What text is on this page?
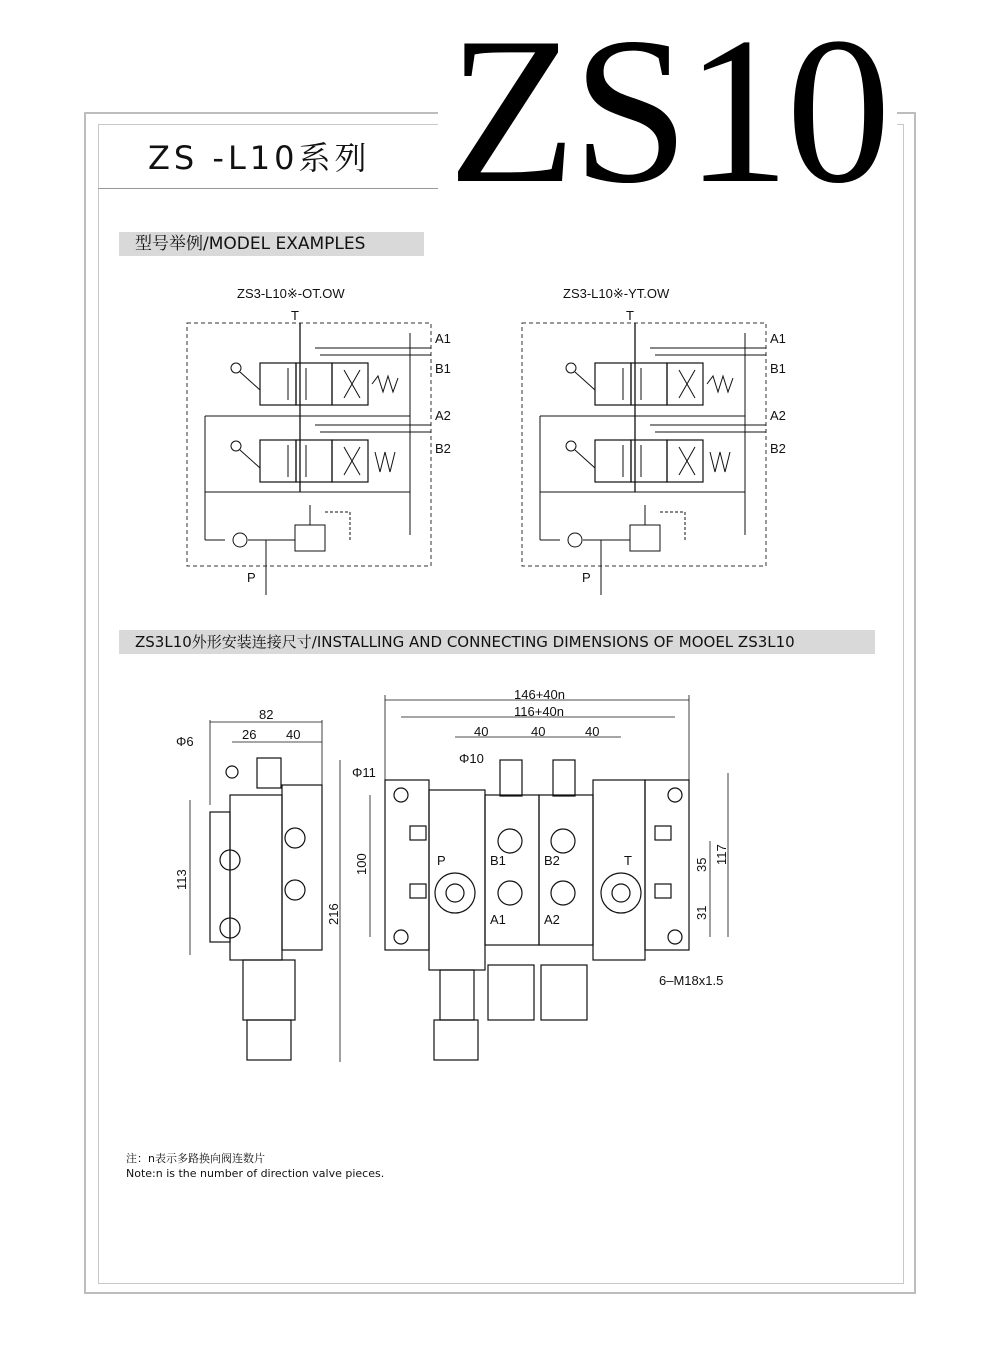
ZS -L10系列 ZS10
型号举例/MODEL EXAMPLES
ZS3L10外形安装连接尺寸/INSTALLING AND CONNECTING DIMENSIONS OF MOOEL ZS3L10
ZS3-L10※-OT.OW	ZS3-L10※-YT.OW
T
A1
B1
A2
B2
P
T
A1
B1
A2
B2
P
82
26 40
Φ6
113
216
146+40n
116+40n
40	40	40
Φ10
Φ11
100	117
35
31
6–M18x1.5
P	B1	B2	T
A1	A2
注：n表示多路换向阀连数片
Note:n is the number of direction valve pieces.
